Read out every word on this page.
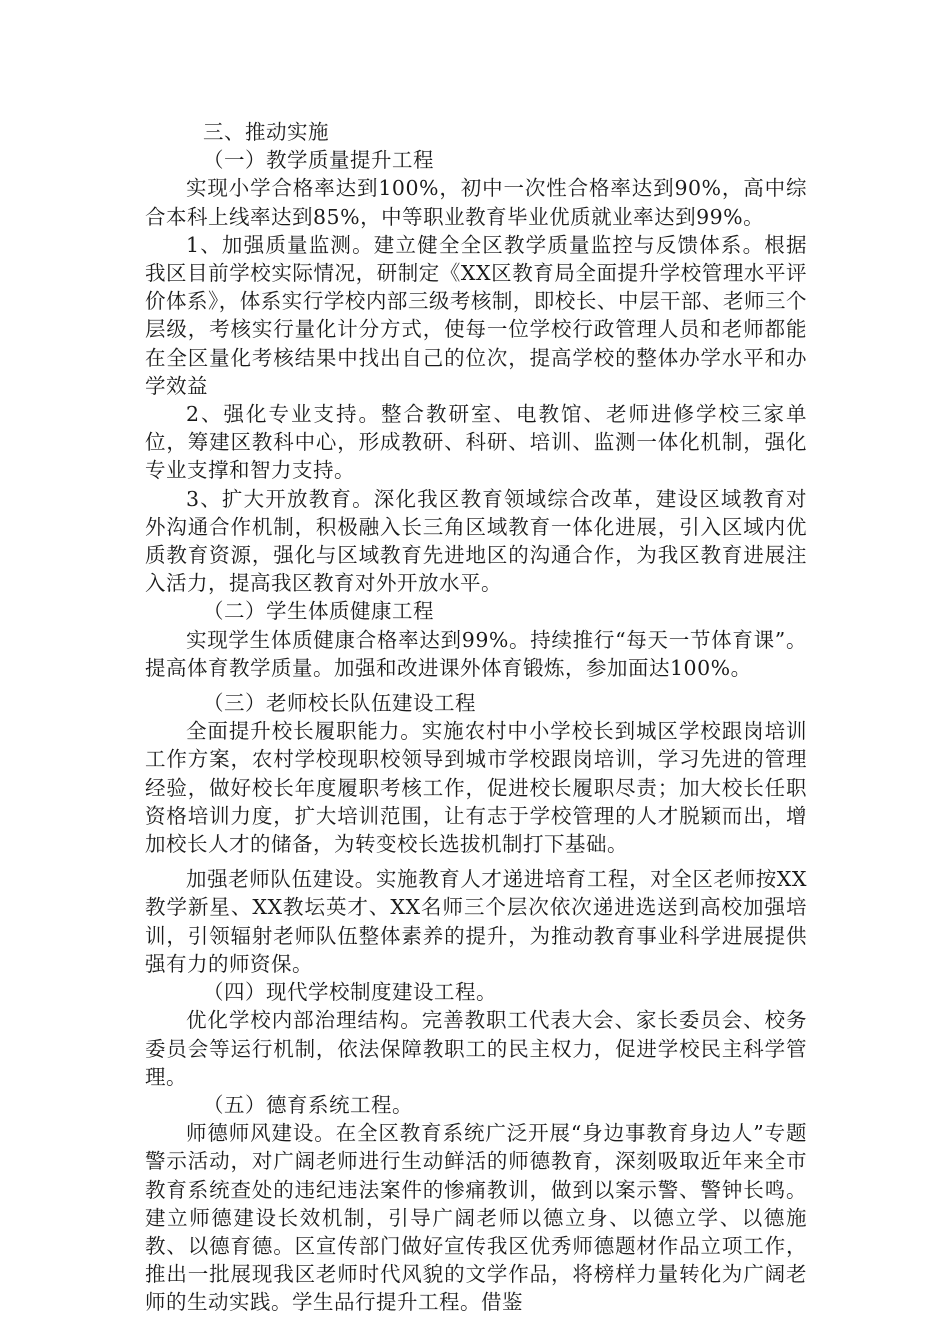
三、推动实施

（一）教学质量提升工程

实现小学合格率达到100%，初中一次性合格率达到90%，高中综合本科上线率达到85%，中等职业教育毕业优质就业率达到99%。

1、加强质量监测。建立健全全区教学质量监控与反馈体系。根据我区目前学校实际情况，研制定《XX区教育局全面提升学校管理水平评价体系》，体系实行学校内部三级考核制，即校长、中层干部、老师三个层级，考核实行量化计分方式，使每一位学校行政管理人员和老师都能在全区量化考核结果中找出自己的位次，提高学校的整体办学水平和办学效益

2、强化专业支持。整合教研室、电教馆、老师进修学校三家单位，筹建区教科中心，形成教研、科研、培训、监测一体化机制，强化专业支撑和智力支持。

3、扩大开放教育。深化我区教育领域综合改革，建设区域教育对外沟通合作机制，积极融入长三角区域教育一体化进展，引入区域内优质教育资源，强化与区域教育先进地区的沟通合作，为我区教育进展注入活力，提高我区教育对外开放水平。

（二）学生体质健康工程

实现学生体质健康合格率达到99%。持续推行“每天一节体育课”。提高体育教学质量。加强和改进课外体育锻炼，参加面达100%。

（三）老师校长队伍建设工程

全面提升校长履职能力。实施农村中小学校长到城区学校跟岗培训工作方案，农村学校现职校领导到城市学校跟岗培训，学习先进的管理经验，做好校长年度履职考核工作，促进校长履职尽责；加大校长任职资格培训力度，扩大培训范围，让有志于学校管理的人才脱颖而出，增加校长人才的储备，为转变校长选拔机制打下基础。

加强老师队伍建设。实施教育人才递进培育工程，对全区老师按XX教学新星、XX教坛英才、XX名师三个层次依次递进选送到高校加强培训，引领辐射老师队伍整体素养的提升，为推动教育事业科学进展提供强有力的师资保。

（四）现代学校制度建设工程。

优化学校内部治理结构。完善教职工代表大会、家长委员会、校务委员会等运行机制，依法保障教职工的民主权力，促进学校民主科学管理。

（五）德育系统工程。

师德师风建设。在全区教育系统广泛开展“身边事教育身边人”专题警示活动，对广阔老师进行生动鲜活的师德教育，深刻吸取近年来全市教育系统查处的违纪违法案件的惨痛教训，做到以案示警、警钟长鸣。建立师德建设长效机制，引导广阔老师以德立身、以德立学、以德施教、以德育德。区宣传部门做好宣传我区优秀师德题材作品立项工作，推出一批展现我区老师时代风貌的文学作品，将榜样力量转化为广阔老师的生动实践。学生品行提升工程。借鉴
